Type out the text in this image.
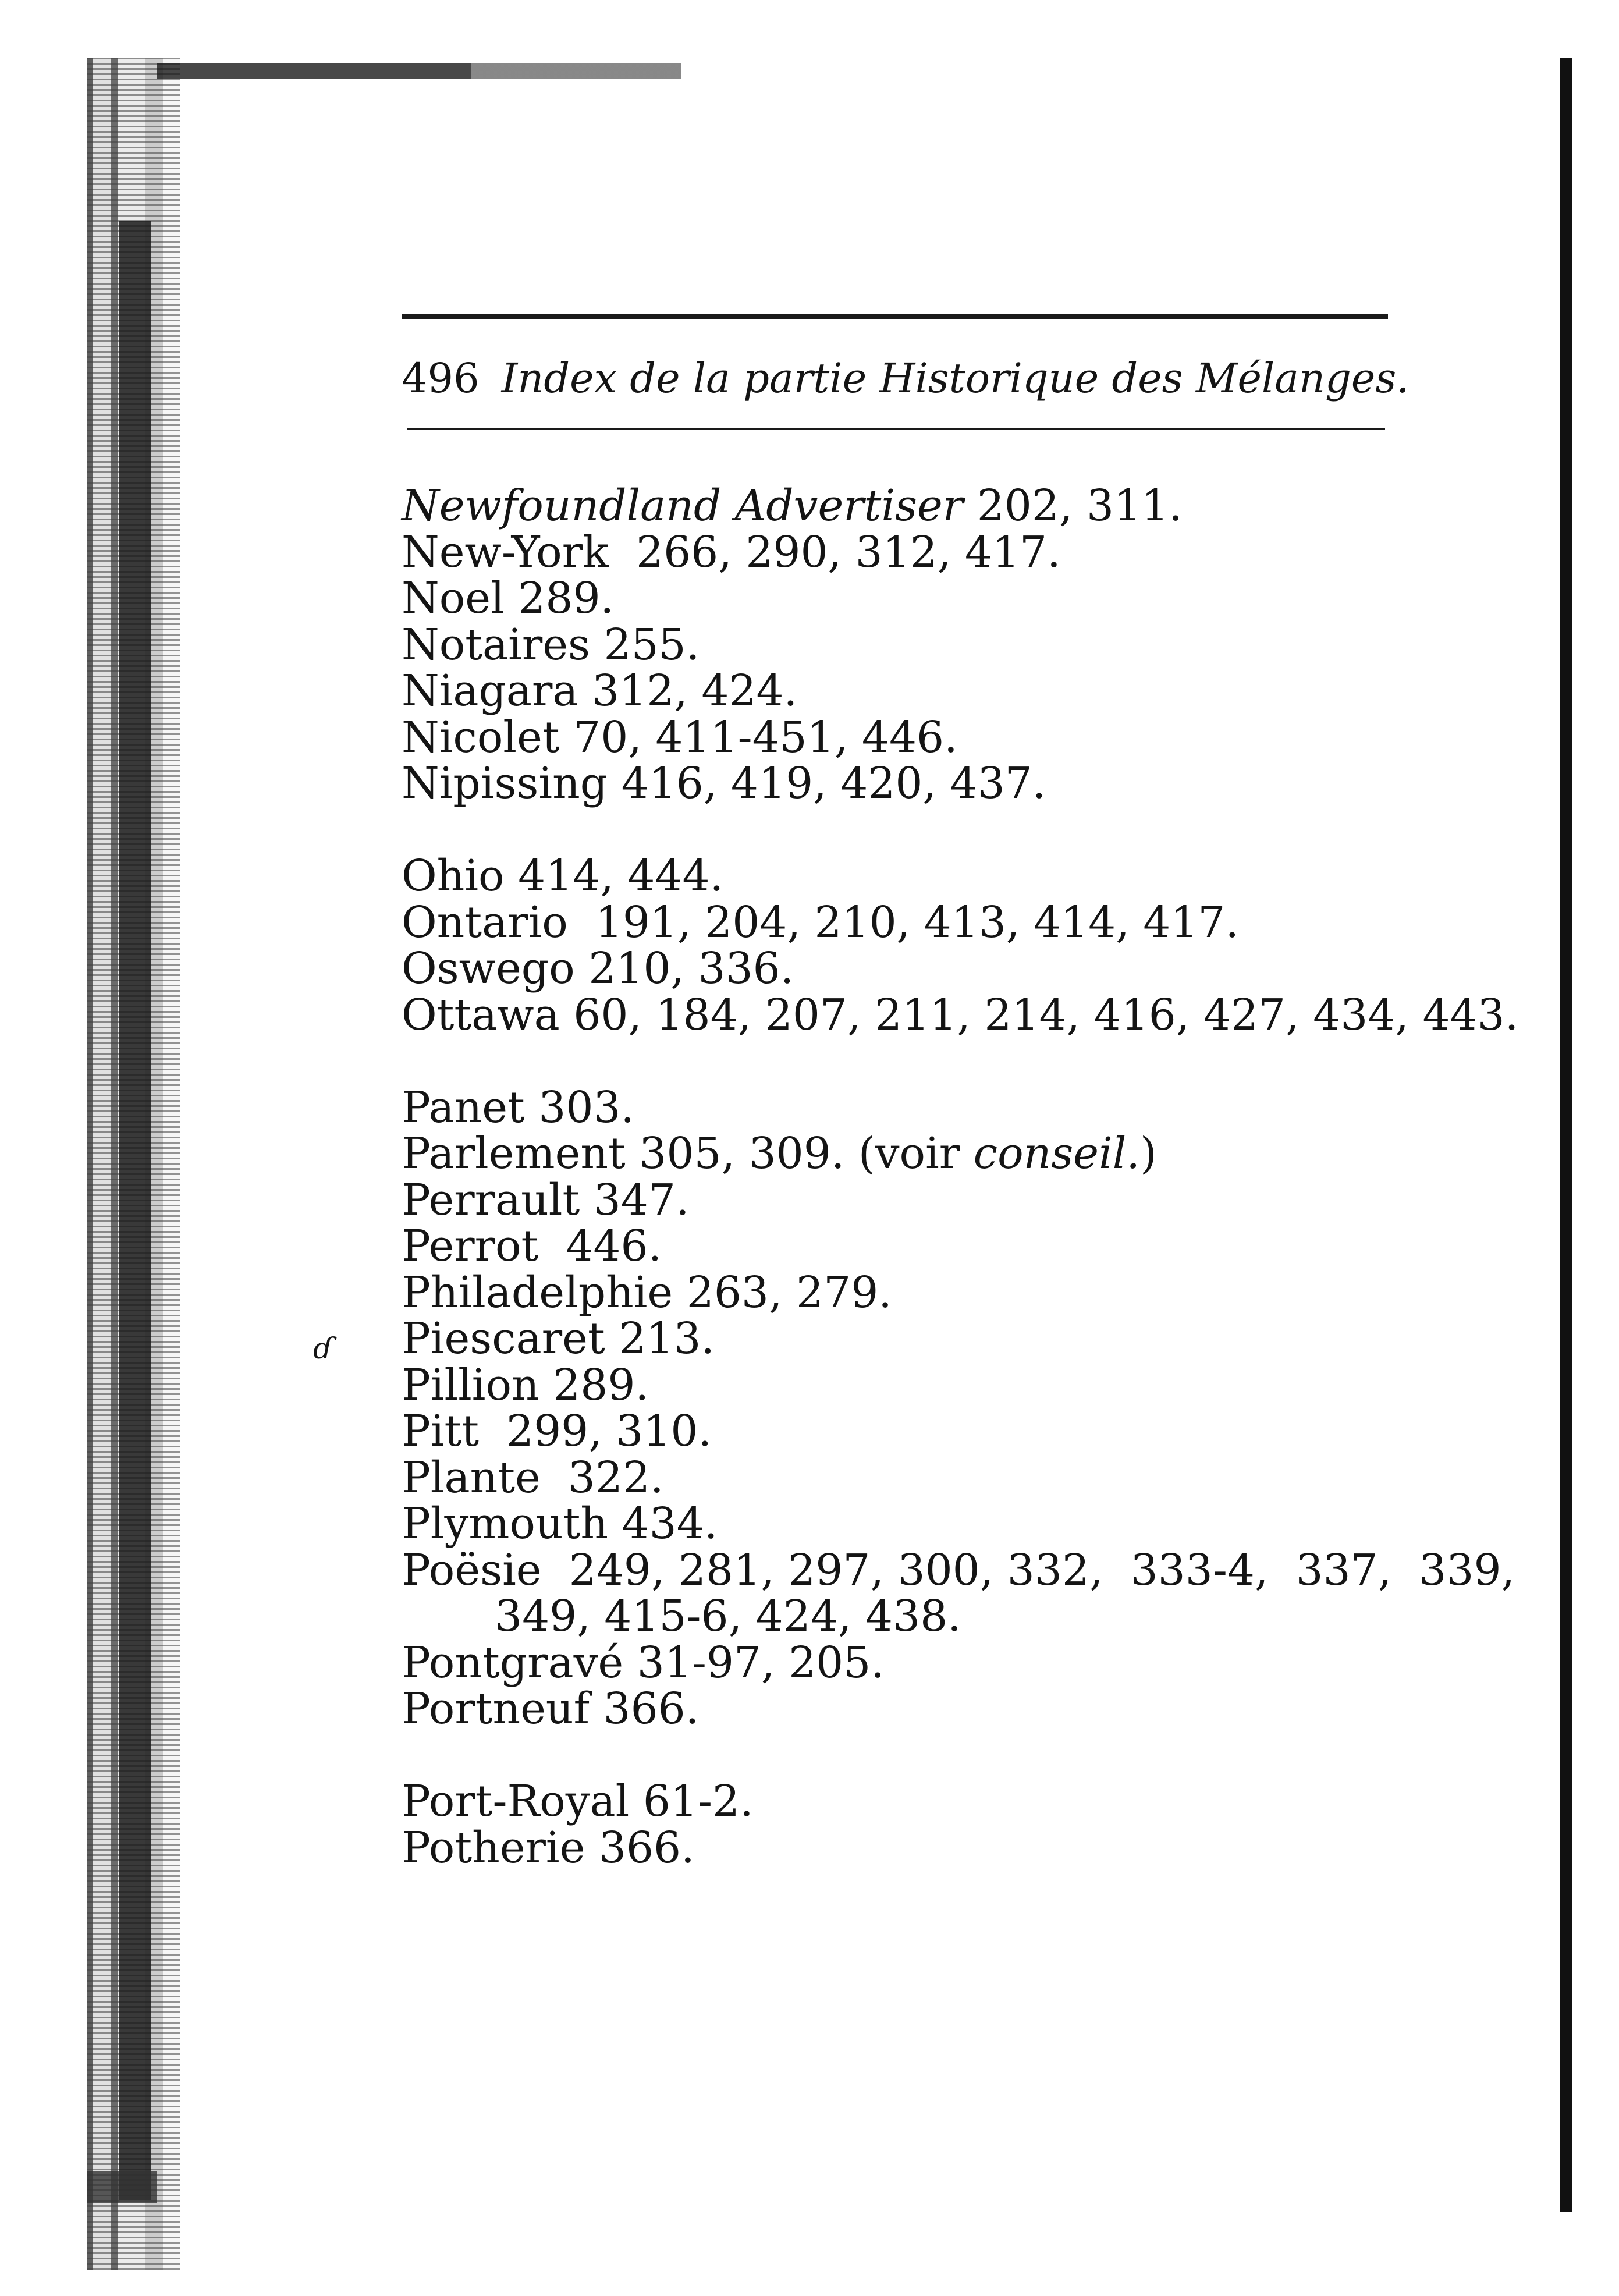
496 Index de la partie Historique des Mélanges.
ɗ
Newfoundland Advertiser 202, 311.
New-York  266, 290, 312, 417.
Noel 289.
Notaires 255.
Niagara 312, 424.
Nicolet 70, 411-451, 446.
Nipissing 416, 419, 420, 437.
Ohio 414, 444.
Ontario  191, 204, 210, 413, 414, 417.
Oswego 210, 336.
Ottawa 60, 184, 207, 211, 214, 416, 427, 434, 443.
Panet 303.
Parlement 305, 309. (voir conseil.)
Perrault 347.
Perrot  446.
Philadelphie 263, 279.
Piescaret 213.
Pillion 289.
Pitt  299, 310.
Plante  322.
Plymouth 434.
Poësie  249, 281, 297, 300, 332,  333-4,  337,  339,
349, 415-6, 424, 438.
Pontgravé 31-97, 205.
Portneuf 366.
Port-Royal 61-2.
Potherie 366.
